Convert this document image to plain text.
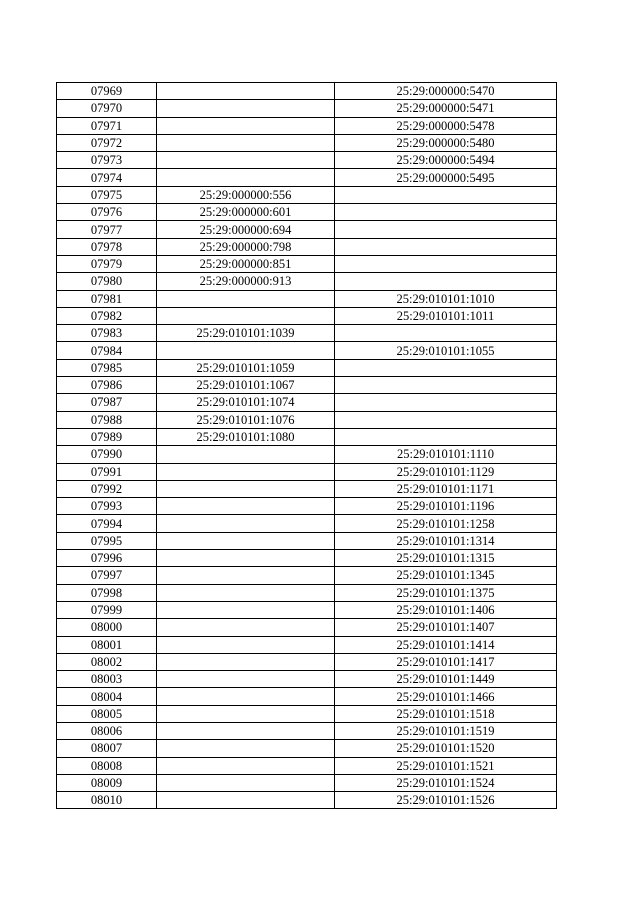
07969		25:29:000000:5470
07970		25:29:000000:5471
07971		25:29:000000:5478
07972		25:29:000000:5480
07973		25:29:000000:5494
07974		25:29:000000:5495
07975	25:29:000000:556	
07976	25:29:000000:601	
07977	25:29:000000:694	
07978	25:29:000000:798	
07979	25:29:000000:851	
07980	25:29:000000:913	
07981		25:29:010101:1010
07982		25:29:010101:1011
07983	25:29:010101:1039	
07984		25:29:010101:1055
07985	25:29:010101:1059	
07986	25:29:010101:1067	
07987	25:29:010101:1074	
07988	25:29:010101:1076	
07989	25:29:010101:1080	
07990		25:29:010101:1110
07991		25:29:010101:1129
07992		25:29:010101:1171
07993		25:29:010101:1196
07994		25:29:010101:1258
07995		25:29:010101:1314
07996		25:29:010101:1315
07997		25:29:010101:1345
07998		25:29:010101:1375
07999		25:29:010101:1406
08000		25:29:010101:1407
08001		25:29:010101:1414
08002		25:29:010101:1417
08003		25:29:010101:1449
08004		25:29:010101:1466
08005		25:29:010101:1518
08006		25:29:010101:1519
08007		25:29:010101:1520
08008		25:29:010101:1521
08009		25:29:010101:1524
08010		25:29:010101:1526
